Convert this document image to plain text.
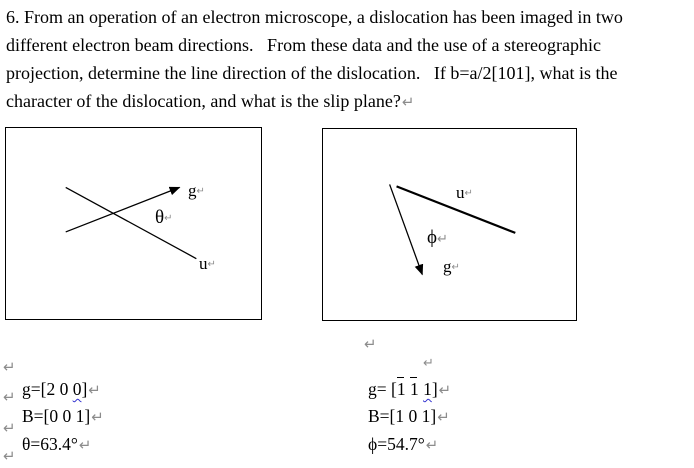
6. From an operation of an electron microscope, a dislocation has been imaged in two
different electron beam directions.   From these data and the use of a stereographic
projection, determine the line direction of the dislocation.   If b=a/2[101], what is the
character of the dislocation, and what is the slip plane?↵
g↵
θ↵
u↵
u↵
ϕ↵
g↵
↵
↵
↵
↵
↵
↵
g=[2 0 0]↵
B=[0 0 1]↵
θ=63.4°↵
g= [1 1 1]↵
B=[1 0 1]↵
ϕ=54.7°↵
